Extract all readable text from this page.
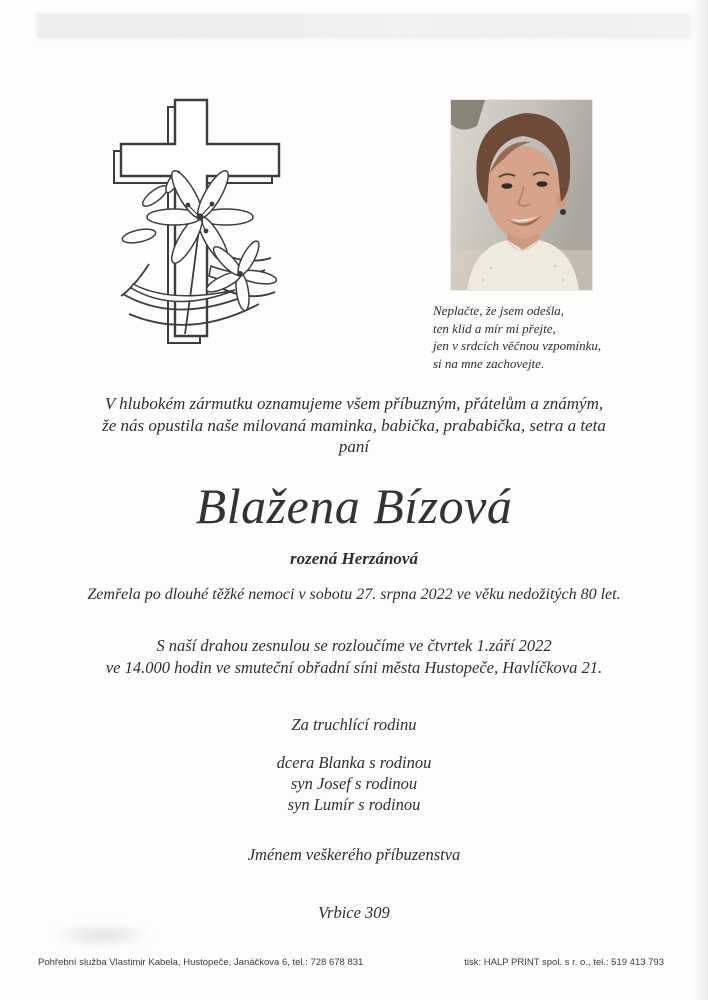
Neplačte, že jsem odešla,
ten klid a mír mi přejte,
jen v srdcích věčnou vzpomínku,
si na mne zachovejte.
V hlubokém zármutku oznamujeme všem příbuzným, přátelům a známým,
že nás opustila naše milovaná maminka, babička, prababička, setra a teta
paní
Blažena Bízová
rozená Herzánová
Zemřela po dlouhé těžké nemoci v sobotu 27. srpna 2022 ve věku nedožitých 80 let.
S naší drahou zesnulou se rozloučíme ve čtvrtek 1.září 2022
ve 14.000 hodin ve smuteční obřadní síni města Hustopeče, Havlíčkova 21.
Za truchlící rodinu
dcera Blanka s rodinou
syn Josef s rodinou
syn Lumír s rodinou
Jménem veškerého příbuzenstva
Vrbice 309
Pohřební služba Vlastimir Kabela, Hustopeče, Janáčkova 6, tel.: 728 678 831	tisk: HALP PRINT spol. s r. o., tel.: 519 413 793
